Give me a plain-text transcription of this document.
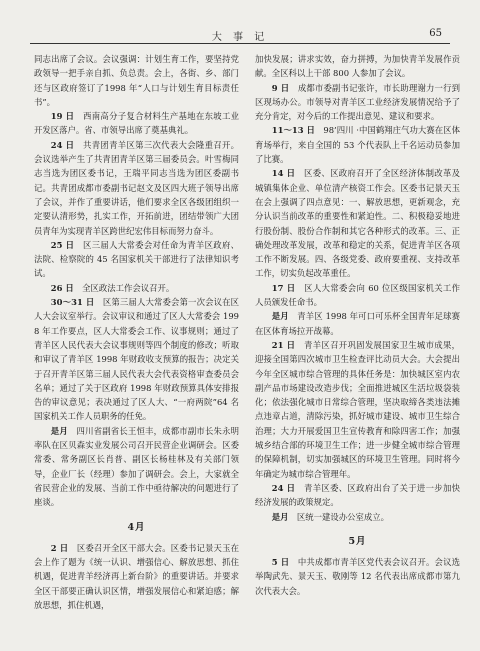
大 事 记	65

同志出席了会议。会议强调：计划生育工作，要坚持党政领导一把手亲自抓、负总责。会上，各街、乡、部门还与区政府签订了1998 年“人口与计划生育目标责任书”。

19 日　 西南高分子复合材料生产基地在东坡工业开发区落户。省、市领导出席了奠基典礼。

24 日　 共青团青羊区第三次代表大会隆重召开。会议选举产生了共青团青羊区第三届委员会。叶雪梅同志当选为团区委书记，王瑞平同志当选为团区委副书记。共青团成都市委副书记赵文及区四大班子领导出席了会议，并作了重要讲话，他们要求全区各级团组织一定要认清形势，扎实工作，开拓前进，团结带领广大团员青年为实现青羊区跨世纪宏伟目标而努力奋斗。

25 日　 区三届人大常委会对任命为青羊区政府、法院、检察院的 45 名国家机关干部进行了法律知识考试。

26 日　 全区政法工作会议召开。

30～31 日　 区第三届人大常委会第一次会议在区人大会议室举行。会议审议和通过了区人大常委会 1998 年工作要点，区人大常委会工作、议事规则；通过了青羊区人民代表大会议事规则等四个制度的修改；听取和审议了青羊区 1998 年财政收支预算的报告；决定关于召开青羊区第三届人民代表大会代表资格审查委员会名单；通过了关于区政府 1998 年财政预算具体安排报告的审议意见；表决通过了区人大、“一府两院”64 名国家机关工作人员职务的任免。

是月　 四川省副省长王恒丰，成都市副市长朱永明率队在区贝森实业发展公司召开民营企业调研会。区委常委、常务副区长肖普、副区长杨桂林及有关部门领导，企业厂长（经理）参加了调研会。会上，大家就全省民营企业的发展、当前工作中亟待解决的问题进行了座谈。

4月

2 日　 区委召开全区干部大会。区委书记景天玉在会上作了题为《统一认识、增强信心、解放思想、抓住机遇，促进青羊经济再上新台阶》的重要讲话。并要求全区干部要正确认识区情，增强发展信心和紧迫感；解放思想，抓住机遇，

加快发展；讲求实效，奋力拼搏，为加快青羊发展作贡献。全区科以上干部 800 人参加了会议。

9 日　 成都市委副书记张许，市长助理谢力一行到区现场办公。市领导对青羊区工业经济发展情况给予了充分肯定，对今后的工作提出意见、建议和要求。

11～13 日　 98’四川 ·中国鹤翔庄气功大赛在区体育场举行，来自全国的 53 个代表队上千名运动员参加了比赛。

14 日　 区委、区政府召开了全区经济体制改革及城镇集体企业、单位清产核资工作会。区委书记景天玉在会上强调了四点意见：一、解放思想，更新观念，充分认识当前改革的重要性和紧迫性。二、积极稳妥地进行股份制、股份合作制和其它各种形式的改革。三、正确处理改革发展，改革和稳定的关系，促进青羊区各项工作不断发展。四、各级党委、政府要重视、支持改革工作，切实负起改革重任。

17 日　 区人大常委会向 60 位区级国家机关工作人员颁发任命书。

是月　 青羊区 1998 年可口可乐杯全国青年足球赛在区体育场拉开战幕。

21 日　 青羊区召开巩固发展国家卫生城市成果，迎接全国第四次城市卫生检查评比动员大会。大会提出今年全区城市综合管理的具体任务是：加快城区室内农副产品市场建设改造步伐；全面推进城区生活垃圾袋装化；依法强化城市日常综合管理，坚决取缔各类违法摊点违章占道，清除污染，抓好城市建设、城市卫生综合治理；大力开展爱国卫生宣传教育和除四害工作；加强城乡结合部的环境卫生工作；进一步健全城市综合管理的保障机制，切实加强城区的环境卫生管理。同时将今年确定为城市综合管理年。

24 日　 青羊区委、区政府出台了关于进一步加快经济发展的政策规定。

是月　 区统一建设办公室成立。

5月

5 日　 中共成都市青羊区党代表会议召开。会议选举陶武先、景天玉、敬刚等 12 名代表出席成都市第九次代表大会。
